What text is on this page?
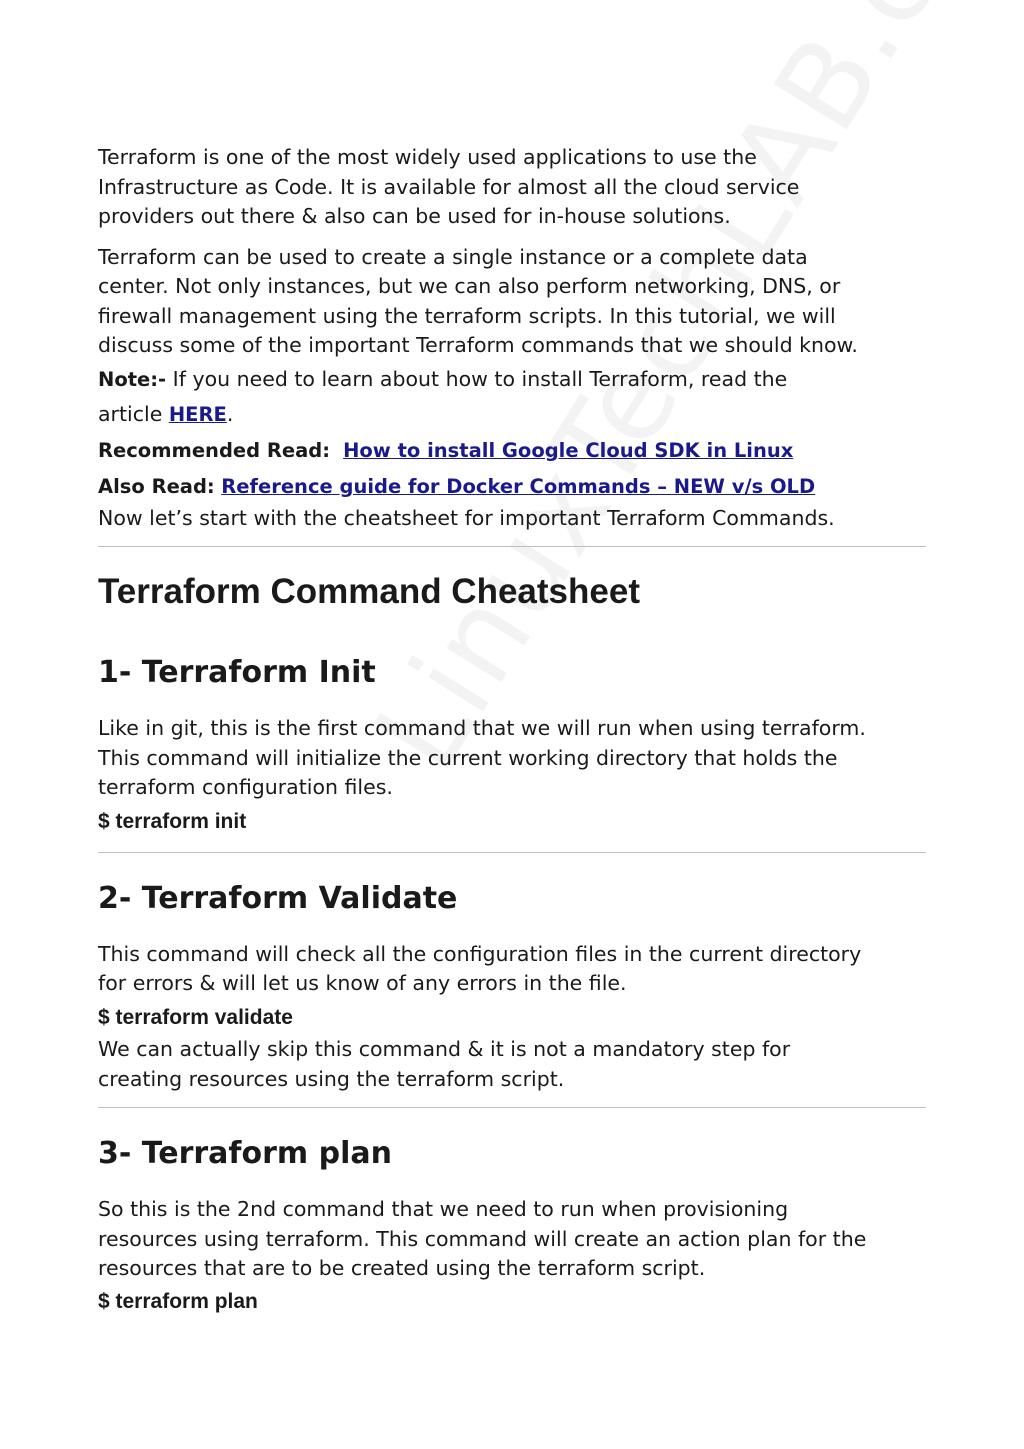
Terraform is one of the most widely used applications to use the

Infrastructure as Code. It is available for almost all the cloud service

providers out there & also can be used for in-house solutions.

Terraform can be used to create a single instance or a complete data

center. Not only instances, but we can also perform networking, DNS, or

firewall management using the terraform scripts. In this tutorial, we will

discuss some of the important Terraform commands that we should know.

Note:- If you need to learn about how to install Terraform, read the

article HERE.

Recommended Read: How to install Google Cloud SDK in Linux

Also Read: Reference guide for Docker Commands – NEW v/s OLD

Now let’s start with the cheatsheet for important Terraform Commands.

Terraform Command Cheatsheet
1- Terraform Init

Like in git, this is the first command that we will run when using terraform.

This command will initialize the current working directory that holds the

terraform configuration files.

$ terraform init

2- Terraform Validate

This command will check all the configuration files in the current directory

for errors & will let us know of any errors in the file.

$ terraform validate

We can actually skip this command & it is not a mandatory step for

creating resources using the terraform script.

3- Terraform plan

So this is the 2nd command that we need to run when provisioning

resources using terraform. This command will create an action plan for the

resources that are to be created using the terraform script.

$ terraform plan
